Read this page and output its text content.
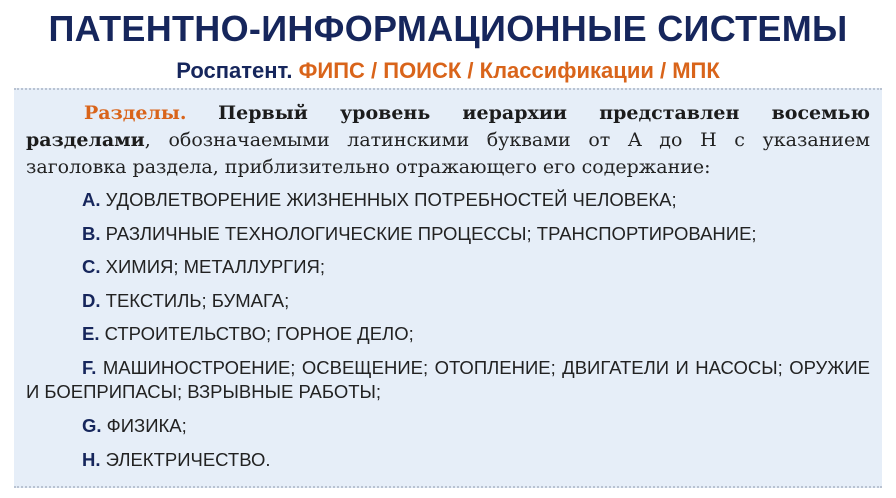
ПАТЕНТНО-ИНФОРМАЦИОННЫЕ СИСТЕМЫ
Роспатент. ФИПС / ПОИСК / Классификации / МПК
Разделы. Первый уровень иерархии представлен восемью разделами, обозначаемыми латинскими буквами от A до H с указанием заголовка раздела, приблизительно отражающего его содержание:
A. УДОВЛЕТВОРЕНИЕ ЖИЗНЕННЫХ ПОТРЕБНОСТЕЙ ЧЕЛОВЕКА;
B. РАЗЛИЧНЫЕ ТЕХНОЛОГИЧЕСКИЕ ПРОЦЕССЫ; ТРАНСПОРТИРОВАНИЕ;
C. ХИМИЯ; МЕТАЛЛУРГИЯ;
D. ТЕКСТИЛЬ; БУМАГА;
E. СТРОИТЕЛЬСТВО; ГОРНОЕ ДЕЛО;
F. МАШИНОСТРОЕНИЕ; ОСВЕЩЕНИЕ; ОТОПЛЕНИЕ; ДВИГАТЕЛИ И НАСОСЫ; ОРУЖИЕ И БОЕПРИПАСЫ; ВЗРЫВНЫЕ РАБОТЫ;
G. ФИЗИКА;
H. ЭЛЕКТРИЧЕСТВО.
